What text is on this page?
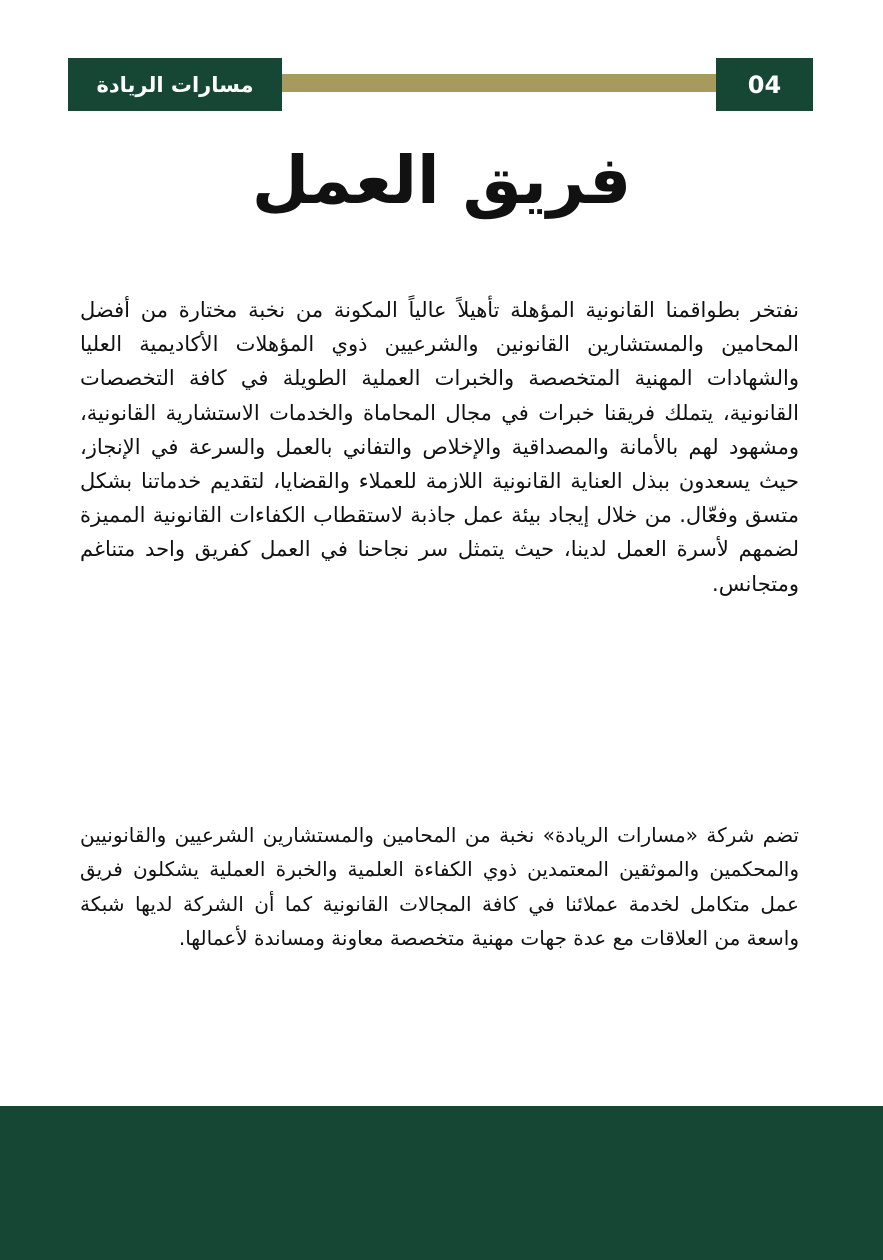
مسارات الريادة	04
فريق العمل

نفتخر بطواقمنا القانونية المؤهلة تأهيلاً عالياً المكونة من نخبة مختارة من أفضل المحامين والمستشارين القانونين والشرعيين ذوي المؤهلات الأكاديمية العليا والشهادات المهنية المتخصصة والخبرات العملية الطويلة في كافة التخصصات القانونية، يتملك فريقنا خبرات في مجال المحاماة والخدمات الاستشارية القانونية، ومشهود لهم بالأمانة والمصداقية والإخلاص والتفاني بالعمل والسرعة في الإنجاز، حيث يسعدون ببذل العناية القانونية اللازمة للعملاء والقضايا، لتقديم خدماتنا بشكل متسق وفعّال. من خلال إيجاد بيئة عمل جاذبة لاستقطاب الكفاءات القانونية المميزة لضمهم لأسرة العمل لدينا، حيث يتمثل سر نجاحنا في العمل كفريق واحد متناغم ومتجانس.

تضم شركة «مسارات الريادة» نخبة من المحامين والمستشارين الشرعيين والقانونيين والمحكمين والموثقين المعتمدين ذوي الكفاءة العلمية والخبرة العملية يشكلون فريق عمل متكامل لخدمة عملائنا في كافة المجالات القانونية كما أن الشركة لديها شبكة واسعة من العلاقات مع عدة جهات مهنية متخصصة معاونة ومساندة لأعمالها.
